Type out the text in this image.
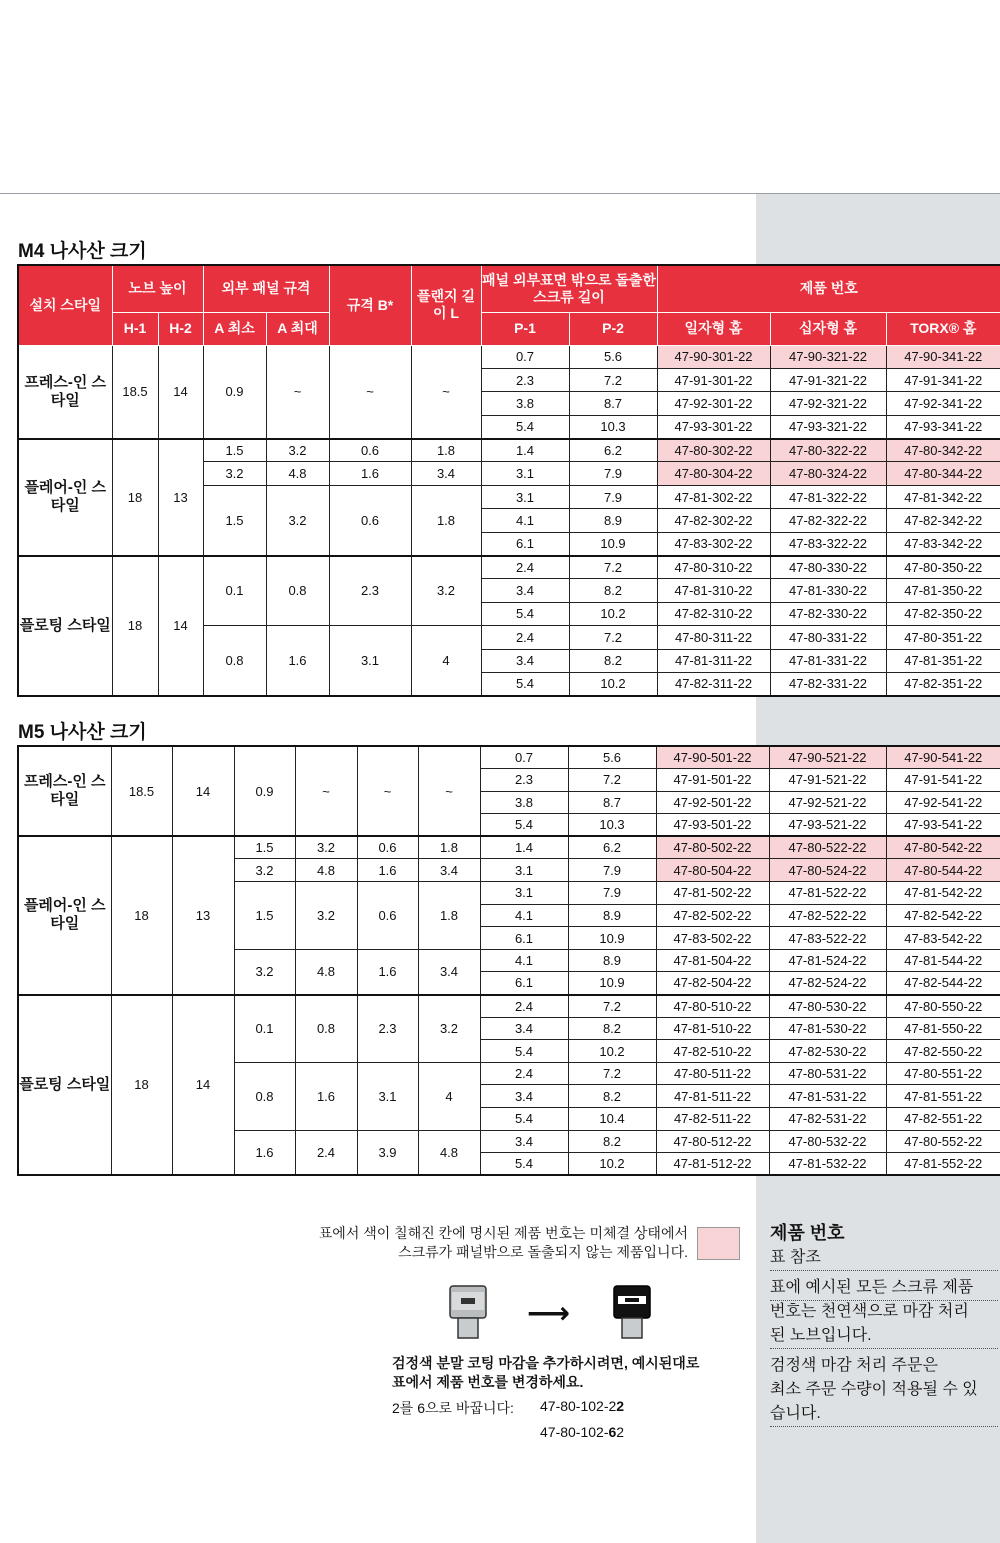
M4 나사산 크기
설치 스타일	노브 높이		외부 패널 규격		규격 B*	플랜지 길이 L	패널 외부표면 밖으로 돌출한 스크류 길이		제품 번호		
	H-1	H-2	A 최소	A 최대			P-1	P-2	일자형 홈	십자형 홈	TORX® 홈
프레스-인 스타일	18.5	14	0.9	~	~	~	0.7	5.6	47-90-301-22	47-90-321-22	47-90-341-22
							2.3	7.2	47-91-301-22	47-91-321-22	47-91-341-22
							3.8	8.7	47-92-301-22	47-92-321-22	47-92-341-22
							5.4	10.3	47-93-301-22	47-93-321-22	47-93-341-22
플레어-인 스타일	18	13	1.5	3.2	0.6	1.8	1.4	6.2	47-80-302-22	47-80-322-22	47-80-342-22
			3.2	4.8	1.6	3.4	3.1	7.9	47-80-304-22	47-80-324-22	47-80-344-22
			1.5	3.2	0.6	1.8	3.1	7.9	47-81-302-22	47-81-322-22	47-81-342-22
							4.1	8.9	47-82-302-22	47-82-322-22	47-82-342-22
							6.1	10.9	47-83-302-22	47-83-322-22	47-83-342-22
플로팅 스타일	18	14	0.1	0.8	2.3	3.2	2.4	7.2	47-80-310-22	47-80-330-22	47-80-350-22
							3.4	8.2	47-81-310-22	47-81-330-22	47-81-350-22
							5.4	10.2	47-82-310-22	47-82-330-22	47-82-350-22
			0.8	1.6	3.1	4	2.4	7.2	47-80-311-22	47-80-331-22	47-80-351-22
							3.4	8.2	47-81-311-22	47-81-331-22	47-81-351-22
							5.4	10.2	47-82-311-22	47-82-331-22	47-82-351-22
M5 나사산 크기
프레스-인 스타일	18.5	14	0.9	~	~	~	0.7	5.6	47-90-501-22	47-90-521-22	47-90-541-22
							2.3	7.2	47-91-501-22	47-91-521-22	47-91-541-22
							3.8	8.7	47-92-501-22	47-92-521-22	47-92-541-22
							5.4	10.3	47-93-501-22	47-93-521-22	47-93-541-22
플레어-인 스타일	18	13	1.5	3.2	0.6	1.8	1.4	6.2	47-80-502-22	47-80-522-22	47-80-542-22
			3.2	4.8	1.6	3.4	3.1	7.9	47-80-504-22	47-80-524-22	47-80-544-22
			1.5	3.2	0.6	1.8	3.1	7.9	47-81-502-22	47-81-522-22	47-81-542-22
							4.1	8.9	47-82-502-22	47-82-522-22	47-82-542-22
							6.1	10.9	47-83-502-22	47-83-522-22	47-83-542-22
			3.2	4.8	1.6	3.4	4.1	8.9	47-81-504-22	47-81-524-22	47-81-544-22
							6.1	10.9	47-82-504-22	47-82-524-22	47-82-544-22
플로팅 스타일	18	14	0.1	0.8	2.3	3.2	2.4	7.2	47-80-510-22	47-80-530-22	47-80-550-22
							3.4	8.2	47-81-510-22	47-81-530-22	47-81-550-22
							5.4	10.2	47-82-510-22	47-82-530-22	47-82-550-22
			0.8	1.6	3.1	4	2.4	7.2	47-80-511-22	47-80-531-22	47-80-551-22
							3.4	8.2	47-81-511-22	47-81-531-22	47-81-551-22
							5.4	10.4	47-82-511-22	47-82-531-22	47-82-551-22
			1.6	2.4	3.9	4.8	3.4	8.2	47-80-512-22	47-80-532-22	47-80-552-22
							5.4	10.2	47-81-512-22	47-81-532-22	47-81-552-22
표에서 색이 칠해진 칸에 명시된 제품 번호는 미체결 상태에서
스크류가 패널밖으로 돌출되지 않는 제품입니다.
⟶
검정색 분말 코팅 마감을 추가하시려면, 예시된대로
표에서 제품 번호를 변경하세요.
2를 6으로 바꿉니다: 47-80-102-22
47-80-102-62
제품 번호
표 참조
표에 예시된 모든 스크류 제품
번호는 천연색으로 마감 처리
된 노브입니다.
검정색 마감 처리 주문은
최소 주문 수량이 적용될 수 있
습니다.
